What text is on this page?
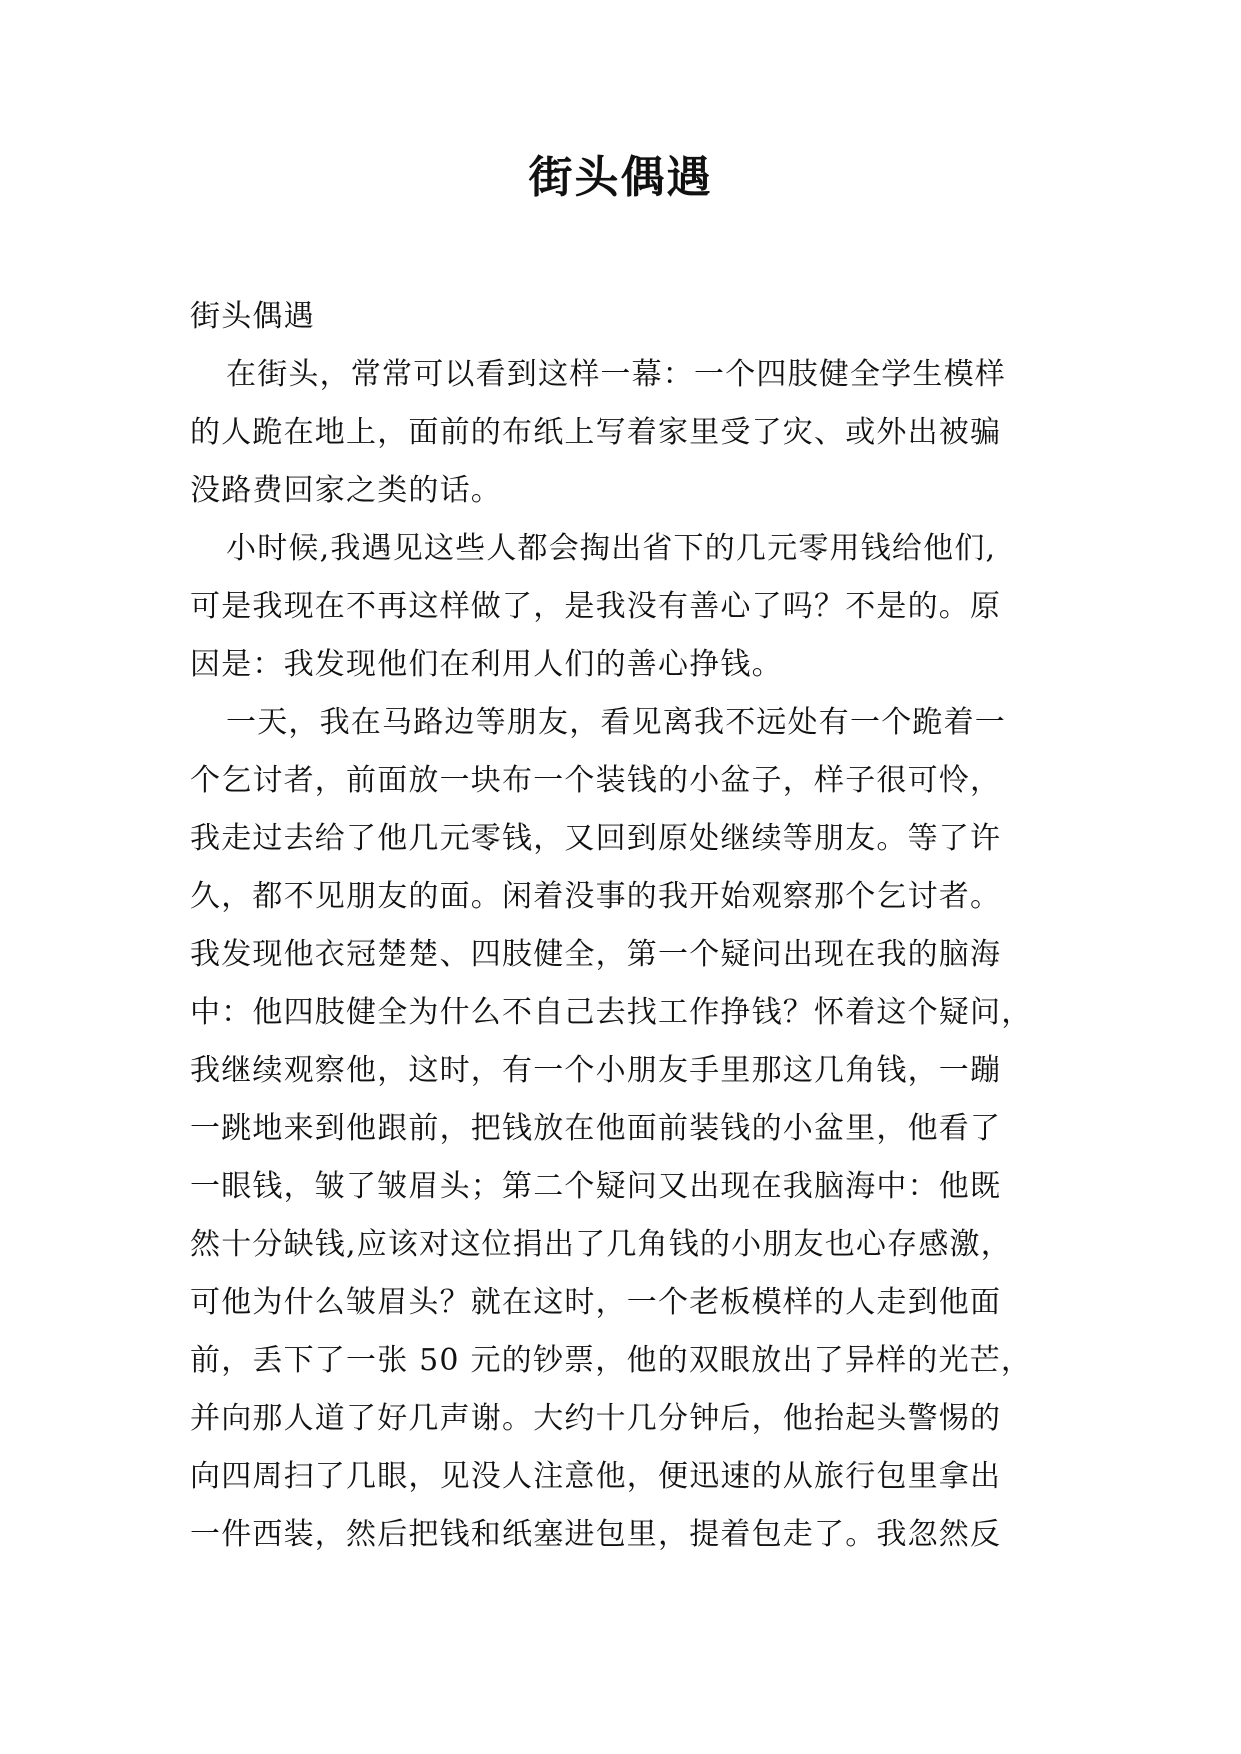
街头偶遇
街头偶遇
在街头，常常可以看到这样一幕：一个四肢健全学生模样
的人跪在地上，面前的布纸上写着家里受了灾、或外出被骗
没路费回家之类的话。
小时候,我遇见这些人都会掏出省下的几元零用钱给他们,
可是我现在不再这样做了，是我没有善心了吗？不是的。原
因是：我发现他们在利用人们的善心挣钱。
一天，我在马路边等朋友，看见离我不远处有一个跪着一
个乞讨者，前面放一块布一个装钱的小盆子，样子很可怜，
我走过去给了他几元零钱，又回到原处继续等朋友。等了许
久，都不见朋友的面。闲着没事的我开始观察那个乞讨者。
我发现他衣冠楚楚、四肢健全，第一个疑问出现在我的脑海
中：他四肢健全为什么不自己去找工作挣钱？怀着这个疑问，
我继续观察他，这时，有一个小朋友手里那这几角钱，一蹦
一跳地来到他跟前，把钱放在他面前装钱的小盆里，他看了
一眼钱，皱了皱眉头；第二个疑问又出现在我脑海中：他既
然十分缺钱,应该对这位捐出了几角钱的小朋友也心存感激，
可他为什么皱眉头？就在这时，一个老板模样的人走到他面
前，丢下了一张 50 元的钞票，他的双眼放出了异样的光芒，
并向那人道了好几声谢。大约十几分钟后，他抬起头警惕的
向四周扫了几眼，见没人注意他，便迅速的从旅行包里拿出
一件西装，然后把钱和纸塞进包里，提着包走了。我忽然反
